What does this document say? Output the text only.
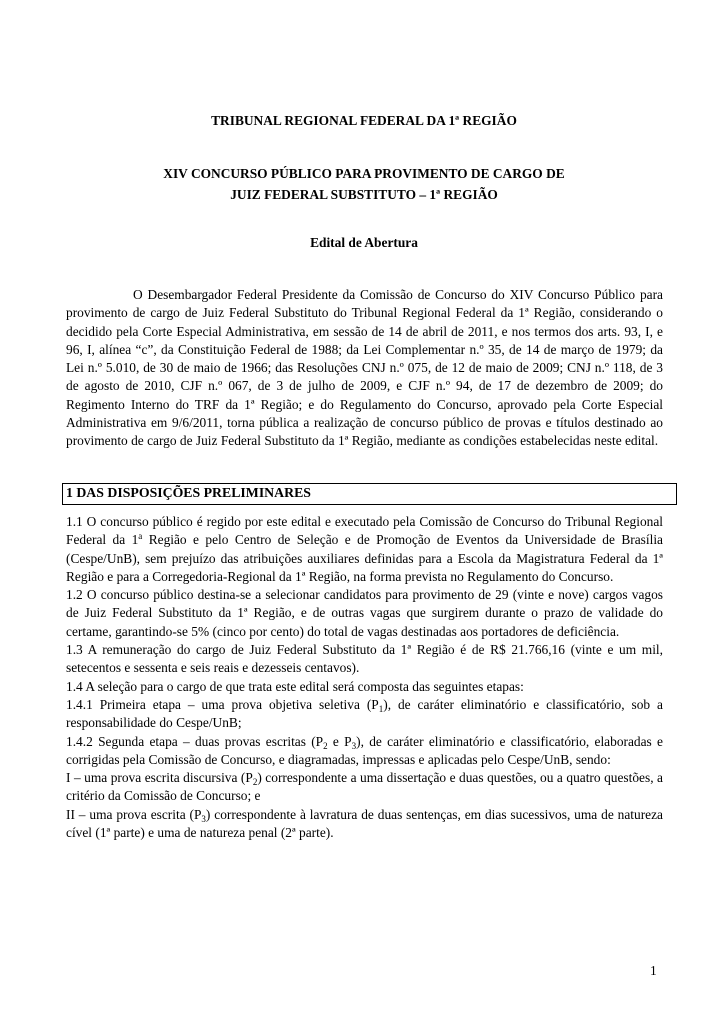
TRIBUNAL REGIONAL FEDERAL DA 1ª REGIÃO
XIV CONCURSO PÚBLICO PARA PROVIMENTO DE CARGO DE
JUIZ FEDERAL SUBSTITUTO – 1ª REGIÃO
Edital de Abertura

O Desembargador Federal Presidente da Comissão de Concurso do XIV Concurso Público para provimento de cargo de Juiz Federal Substituto do Tribunal Regional Federal da 1ª Região, considerando o decidido pela Corte Especial Administrativa, em sessão de 14 de abril de 2011, e nos termos dos arts. 93, I, e 96, I, alínea “c”, da Constituição Federal de 1988; da Lei Complementar n.º 35, de 14 de março de 1979; da Lei n.º 5.010, de 30 de maio de 1966; das Resoluções CNJ n.º 075, de 12 de maio de 2009; CNJ n.º 118, de 3 de agosto de 2010, CJF n.º 067, de 3 de julho de 2009, e CJF n.º 94, de 17 de dezembro de 2009; do Regimento Interno do TRF da 1ª Região; e do Regulamento do Concurso, aprovado pela Corte Especial Administrativa em 9/6/2011, torna pública a realização de concurso público de provas e títulos destinado ao provimento de cargo de Juiz Federal Substituto da 1ª Região, mediante as condições estabelecidas neste edital.

1 DAS DISPOSIÇÕES PRELIMINARES

1.1 O concurso público é regido por este edital e executado pela Comissão de Concurso do Tribunal Regional Federal da 1$^a$ Região e pelo Centro de Seleção e de Promoção de Eventos da Universidade de Brasília (Cespe/UnB), sem prejuízo das atribuições auxiliares definidas para a Escola da Magistratura Federal da 1ª Região e para a Corregedoria-Regional da 1ª Região, na forma prevista no Regulamento do Concurso.

1.2 O concurso público destina-se a selecionar candidatos para provimento de 29 (vinte e nove) cargos vagos de Juiz Federal Substituto da 1ª Região, e de outras vagas que surgirem durante o prazo de validade do certame, garantindo-se 5% (cinco por cento) do total de vagas destinadas aos portadores de deficiência.

1.3 A remuneração do cargo de Juiz Federal Substituto da 1ª Região é de R$ 21.766,16 (vinte e um mil, setecentos e sessenta e seis reais e dezesseis centavos).

1.4 A seleção para o cargo de que trata este edital será composta das seguintes etapas:

1.4.1 Primeira etapa – uma prova objetiva seletiva $(P_1)$, de caráter eliminatório e classificatório, sob a responsabilidade do Cespe/UnB;

1.4.2 Segunda etapa – duas provas escritas ($P_2$ e $P_3$), de caráter eliminatório e classificatório, elaboradas e corrigidas pela Comissão de Concurso, e diagramadas, impressas e aplicadas pelo Cespe/UnB, sendo:

I – uma prova escrita discursiva $(P_2)$ correspondente a uma dissertação e duas questões, ou a quatro questões, a critério da Comissão de Concurso; e

II – uma prova escrita $(P_3)$ correspondente à lavratura de duas sentenças, em dias sucessivos, uma de natureza cível (1ª parte) e uma de natureza penal (2ª parte).

1
